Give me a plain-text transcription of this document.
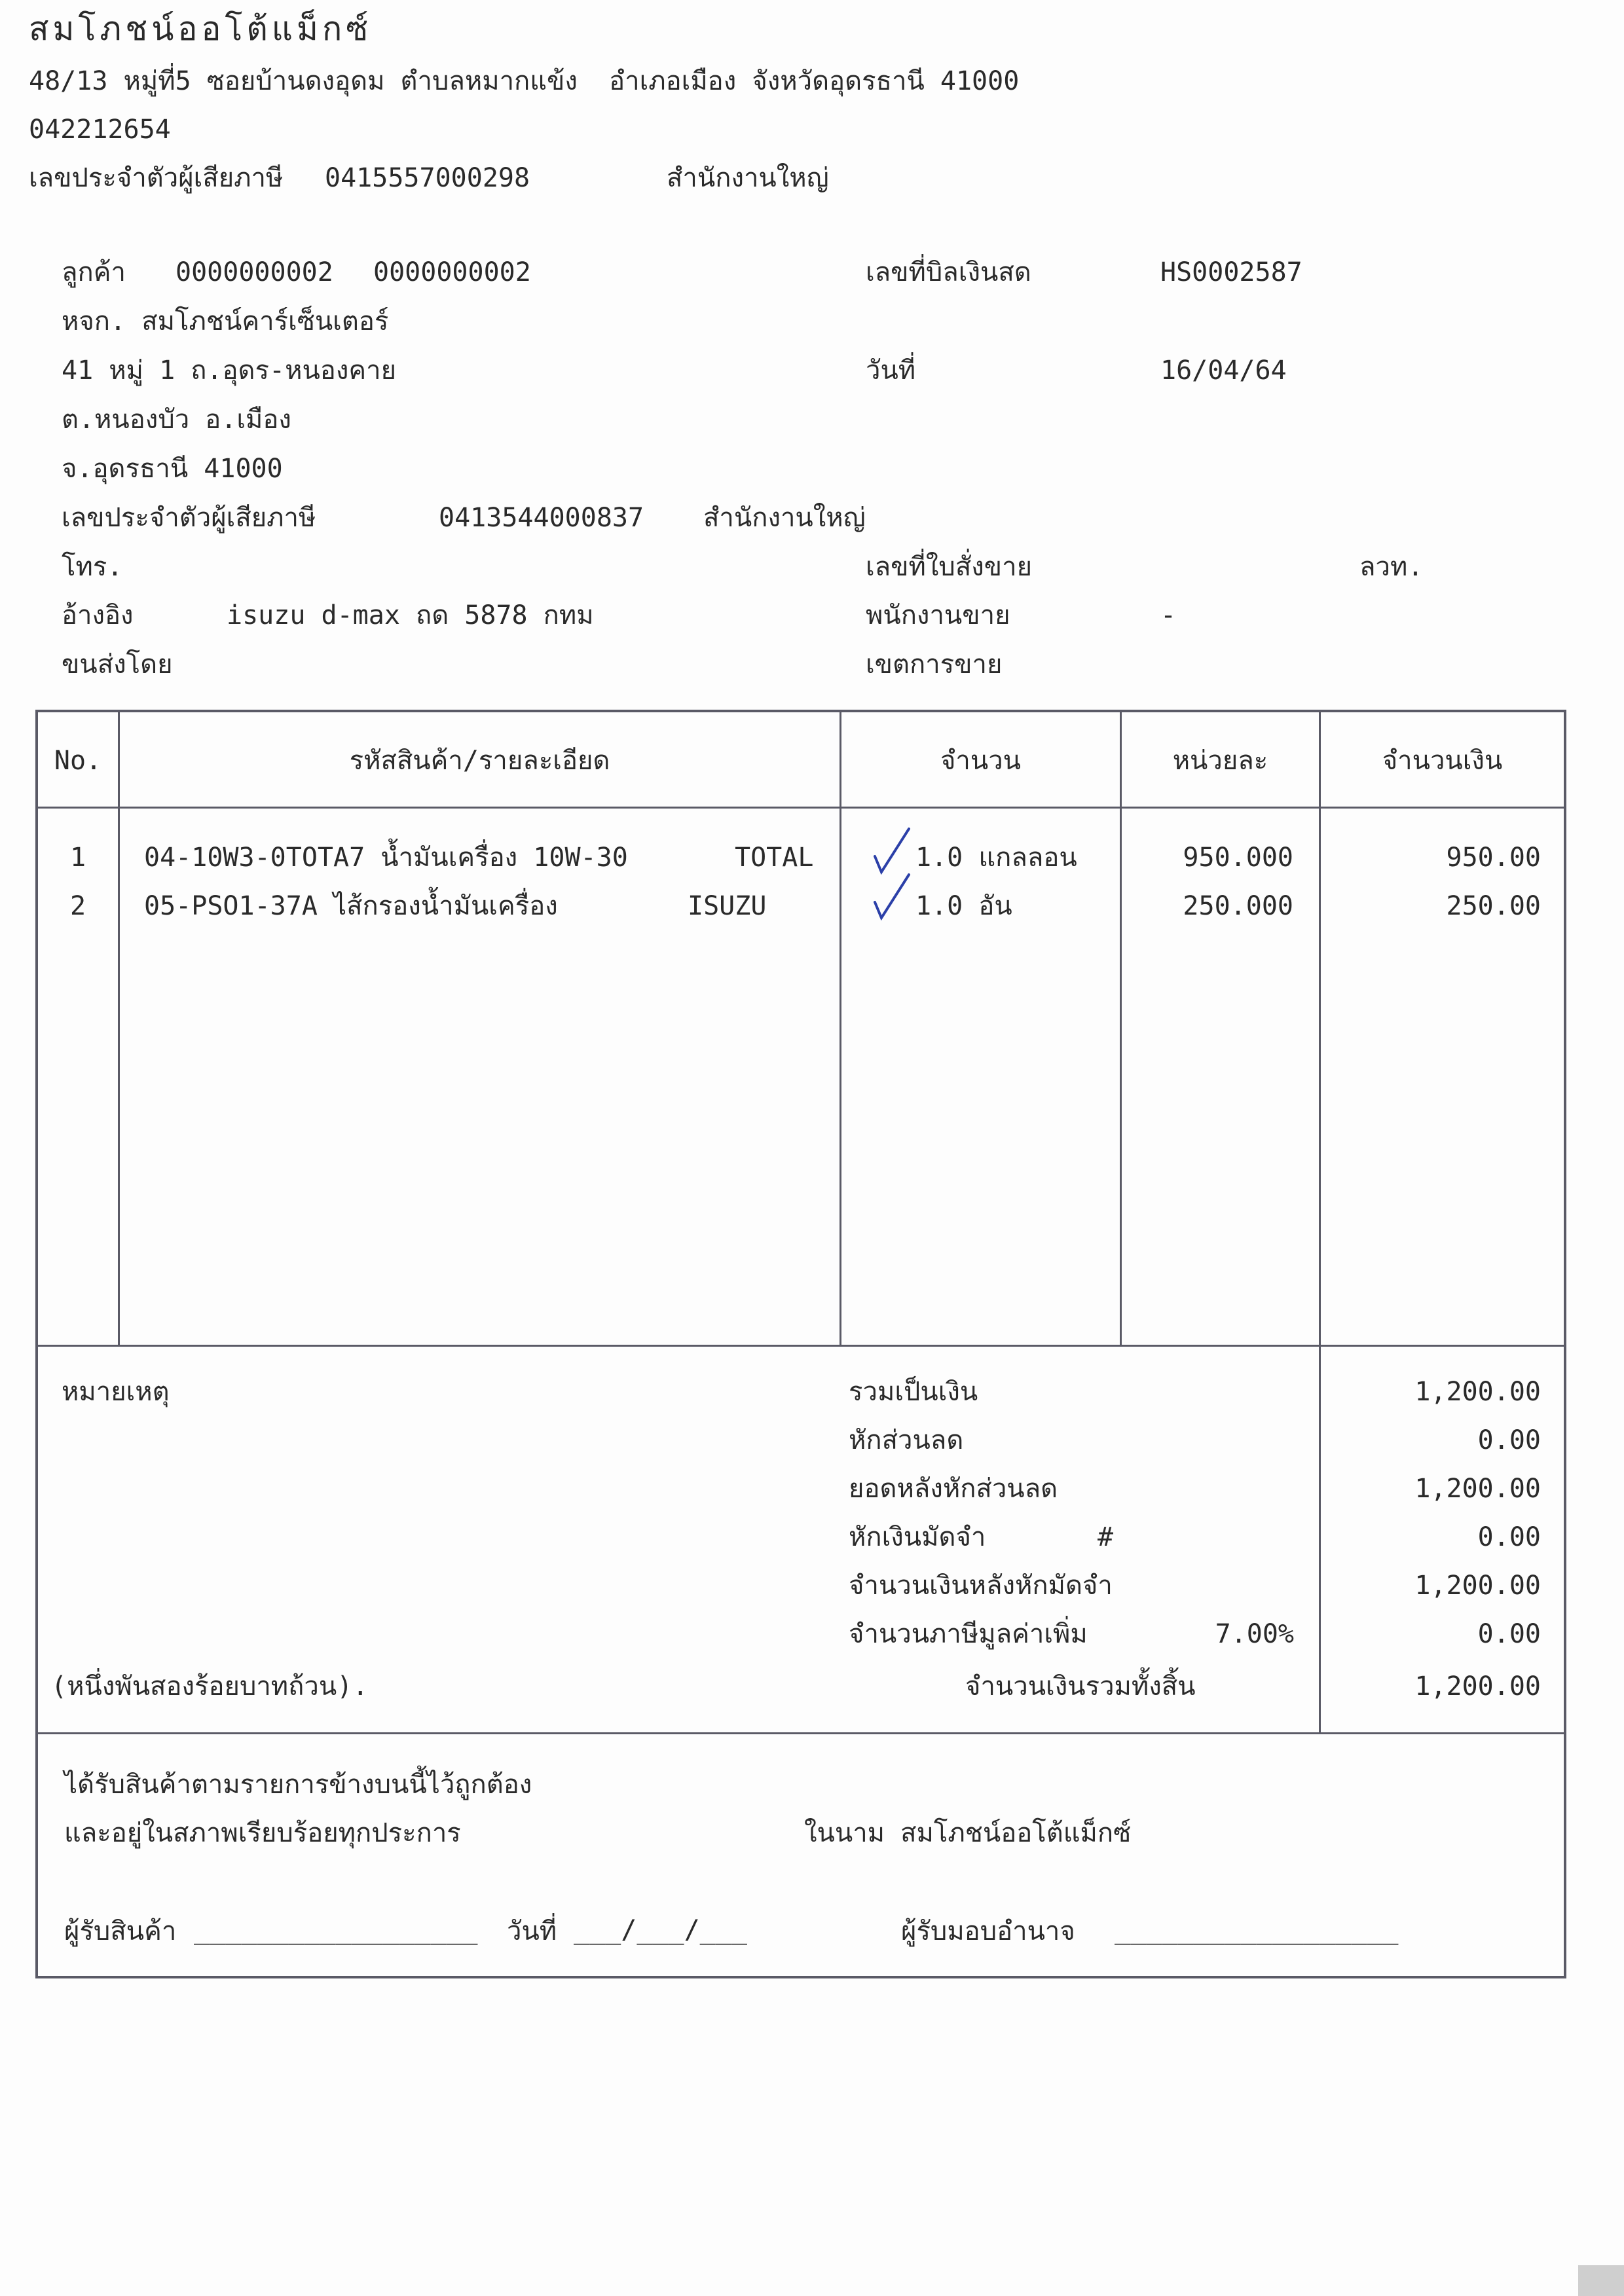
สมโภชน์ออโต้แม็กซ์
48/13 หมู่ที่5 ซอยบ้านดงอุดม ตำบลหมากแข้ง  อำเภอเมือง จังหวัดอุดรธานี 41000
042212654
เลขประจำตัวผู้เสียภาษี 0415557000298	สำนักงานใหญ่
ลูกค้า 0000000002 0000000002
หจก. สมโภชน์คาร์เซ็นเตอร์
41 หมู่ 1 ถ.อุดร-หนองคาย
ต.หนองบัว อ.เมือง
จ.อุดรธานี 41000
เลขประจำตัวผู้เสียภาษี	0413544000837 สำนักงานใหญ่
โทร.
อ้างอิง	isuzu d-max ถด 5878 กทม
ขนส่งโดย
เลขที่บิลเงินสด	HS0002587
วันที่	16/04/64
เลขที่ใบสั่งขาย	ลวท.
พนักงานขาย	-
เขตการขาย
No.	รหัสสินค้า/รายละเอียด	จำนวน	หน่วยละ	จำนวนเงิน
1	04-10W3-0TOTA7 น้ำมันเครื่อง 10W-30	TOTAL	1.0 แกลลอน	950.000	950.00
2	05-PSO1-37A ไส้กรองน้ำมันเครื่อง	ISUZU	1.0 อัน	250.000	250.00
หมายเหตุ
(หนึ่งพันสองร้อยบาทถ้วน).
รวมเป็นเงิน	1,200.00
หักส่วนลด	0.00
ยอดหลังหักส่วนลด	1,200.00
หักเงินมัดจำ	#	0.00
จำนวนเงินหลังหักมัดจำ	1,200.00
จำนวนภาษีมูลค่าเพิ่ม	7.00%	0.00
จำนวนเงินรวมทั้งสิ้น	1,200.00
ได้รับสินค้าตามรายการข้างบนนี้ไว้ถูกต้อง
และอยู่ในสภาพเรียบร้อยทุกประการ	ในนาม สมโภชน์ออโต้แม็กซ์
ผู้รับสินค้า __________________ วันที่ ___/___/___	ผู้รับมอบอำนาจ __________________
